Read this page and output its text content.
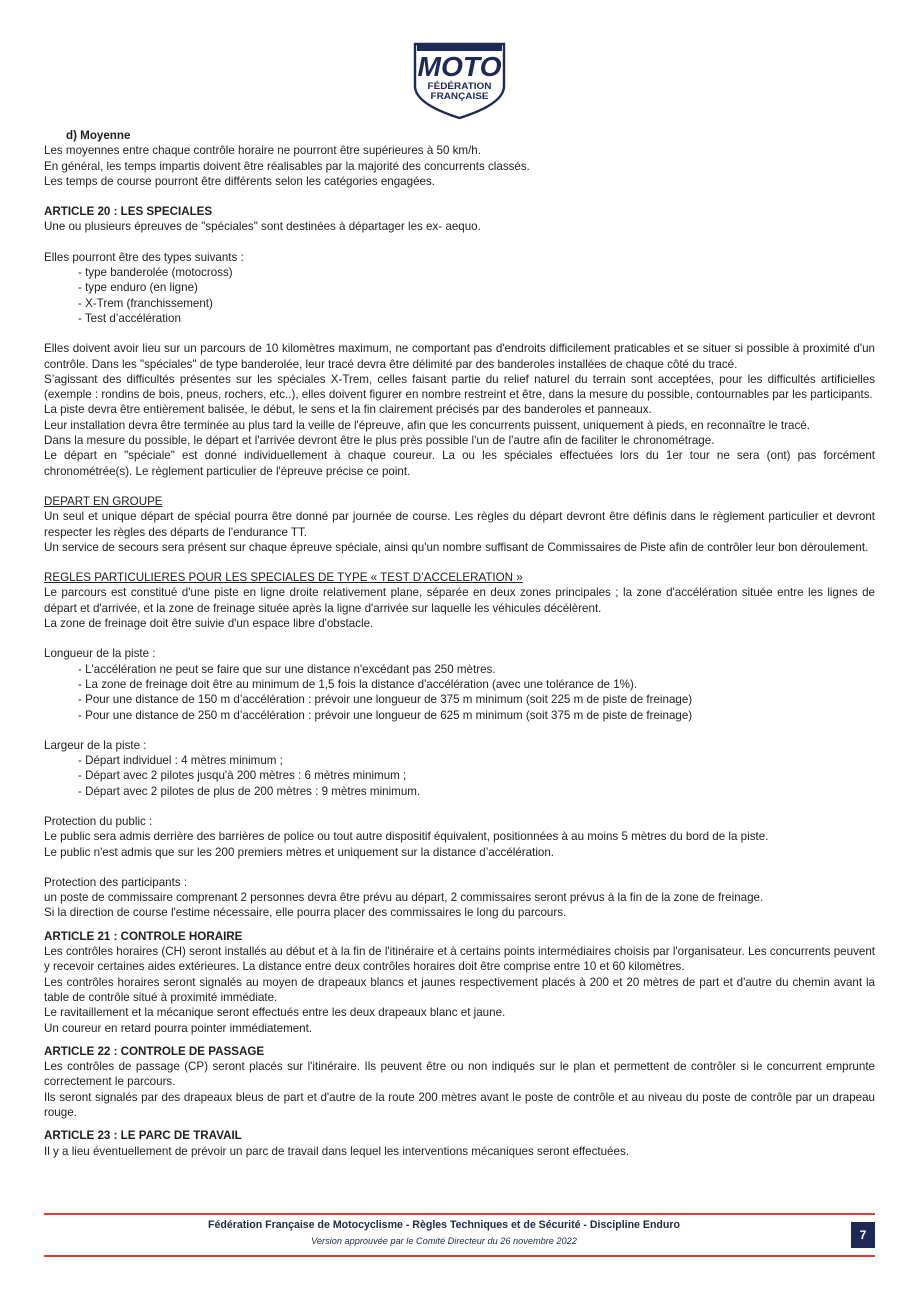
MOTO
FÉDÉRATION
FRANÇAISE

d) Moyenne

Les moyennes entre chaque contrôle horaire ne pourront être supérieures à 50 km/h.

En général, les temps impartis doivent être réalisables par la majorité des concurrents classés.

Les temps de course pourront être différents selon les catégories engagées.

ARTICLE 20 : LES SPECIALES

Une ou plusieurs épreuves de "spéciales" sont destinées à départager les ex- aequo.

Elles pourront être des types suivants :

- type banderolée (motocross)
- type enduro (en ligne)
- X-Trem (franchissement)
- Test d’accélération

Elles doivent avoir lieu sur un parcours de 10 kilomètres maximum, ne comportant pas d'endroits difficilement praticables et se situer si possible à proximité d'un contrôle. Dans les "spéciales" de type banderolée, leur tracé devra être délimité par des banderoles installées de chaque côté du tracé.

S’agissant des difficultés présentes sur les spéciales X-Trem, celles faisant partie du relief naturel du terrain sont acceptées, pour les difficultés artificielles (exemple : rondins de bois, pneus, rochers, etc..), elles doivent figurer en nombre restreint et être, dans la mesure du possible, contournables par les participants.

La piste devra être entièrement balisée, le début, le sens et la fin clairement précisés par des banderoles et panneaux.

Leur installation devra être terminée au plus tard la veille de l'épreuve, afin que les concurrents puissent, uniquement à pieds, en reconnaître le tracé.

Dans la mesure du possible, le départ et l'arrivée devront être le plus près possible l'un de l'autre afin de faciliter le chronométrage.

Le départ en "spéciale" est donné individuellement à chaque coureur. La ou les spéciales effectuées lors du 1er tour ne sera (ont) pas forcément chronométrée(s). Le règlement particulier de l'épreuve précise ce point.

DEPART EN GROUPE

Un seul et unique départ de spécial pourra être donné par journée de course. Les règles du départ devront être définis dans le règlement particulier et devront respecter les règles des départs de l'endurance TT.

Un service de secours sera présent sur chaque épreuve spéciale, ainsi qu'un nombre suffisant de Commissaires de Piste afin de contrôler leur bon déroulement.

REGLES PARTICULIERES POUR LES SPECIALES DE TYPE « TEST D’ACCELERATION »

Le parcours est constitué d'une piste en ligne droite relativement plane, séparée en deux zones principales ; la zone d'accélération située entre les lignes de départ et d'arrivée, et la zone de freinage située après la ligne d'arrivée sur laquelle les véhicules décélèrent.

La zone de freinage doit être suivie d'un espace libre d'obstacle.

Longueur de la piste :

- L'accélération ne peut se faire que sur une distance n'excédant pas 250 mètres.
- La zone de freinage doit être au minimum de 1,5 fois la distance d'accélération (avec une tolérance de 1%).
- Pour une distance de 150 m d’accélération : prévoir une longueur de 375 m minimum (soit 225 m de piste de freinage)
- Pour une distance de 250 m d’accélération : prévoir une longueur de 625 m minimum (soit 375 m de piste de freinage)

Largeur de la piste :

- Départ individuel : 4 mètres minimum ;
- Départ avec 2 pilotes jusqu'à 200 mètres : 6 mètres minimum ;
- Départ avec 2 pilotes de plus de 200 mètres : 9 mètres minimum.

Protection du public :

Le public sera admis derrière des barrières de police ou tout autre dispositif équivalent, positionnées à au moins 5 mètres du bord de la piste.

Le public n'est admis que sur les 200 premiers mètres et uniquement sur la distance d’accélération.

Protection des participants :

un poste de commissaire comprenant 2 personnes devra être prévu au départ, 2 commissaires seront prévus à la fin de la zone de freinage.

Si la direction de course l'estime nécessaire, elle pourra placer des commissaires le long du parcours.

ARTICLE 21 : CONTROLE HORAIRE

Les contrôles horaires (CH) seront installés au début et à la fin de l'itinéraire et à certains points intermédiaires choisis par l'organisateur. Les concurrents peuvent y recevoir certaines aides extérieures. La distance entre deux contrôles horaires doit être comprise entre 10 et 60 kilomètres.

Les contrôles horaires seront signalés au moyen de drapeaux blancs et jaunes respectivement placés à 200 et 20 mètres de part et d'autre du chemin avant la table de contrôle situé à proximité immédiate.

Le ravitaillement et la mécanique seront effectués entre les deux drapeaux blanc et jaune.

Un coureur en retard pourra pointer immédiatement.

ARTICLE 22 : CONTROLE DE PASSAGE

Les contrôles de passage (CP) seront placés sur l'itinéraire. Ils peuvent être ou non indiqués sur le plan et permettent de contrôler si le concurrent emprunte correctement le parcours.

Ils seront signalés par des drapeaux bleus de part et d'autre de la route 200 mètres avant le poste de contrôle et au niveau du poste de contrôle par un drapeau rouge.

ARTICLE 23 : LE PARC DE TRAVAIL

Il y a lieu éventuellement de prévoir un parc de travail dans lequel les interventions mécaniques seront effectuées.

Fédération Française de Motocyclisme - Règles Techniques et de Sécurité - Discipline Enduro
Version approuvée par le Comité Directeur du 26 novembre 2022	7
